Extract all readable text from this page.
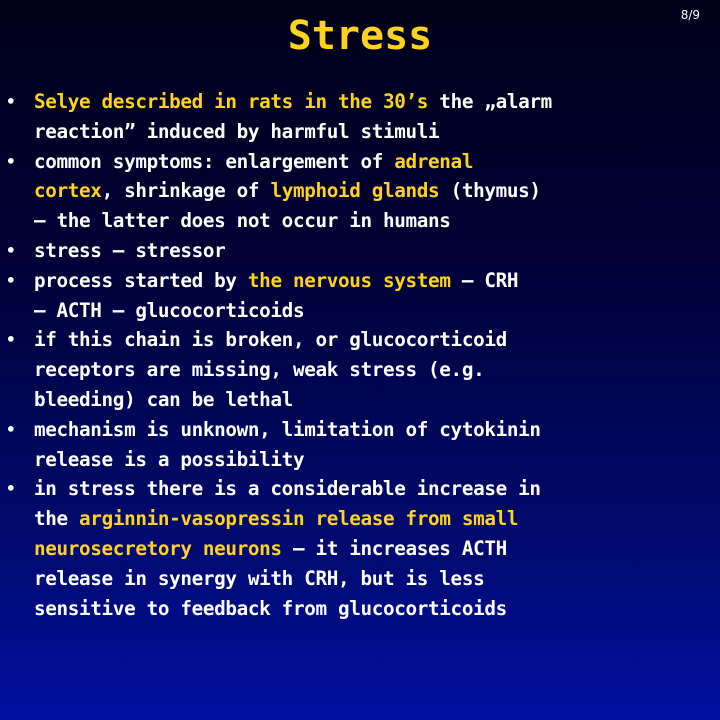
Stress	8/9
• Selye described in rats in the 30’s the „alarm
reaction” induced by harmful stimuli
• common symptoms: enlargement of adrenal
cortex, shrinkage of lymphoid glands (thymus)
– the latter does not occur in humans
• stress – stressor
• process started by the nervous system – CRH
– ACTH – glucocorticoids
• if this chain is broken, or glucocorticoid
receptors are missing, weak stress (e.g.
bleeding) can be lethal
• mechanism is unknown, limitation of cytokinin
release is a possibility
• in stress there is a considerable increase in
the arginnin-vasopressin release from small
neurosecretory neurons – it increases ACTH
release in synergy with CRH, but is less
sensitive to feedback from glucocorticoids
